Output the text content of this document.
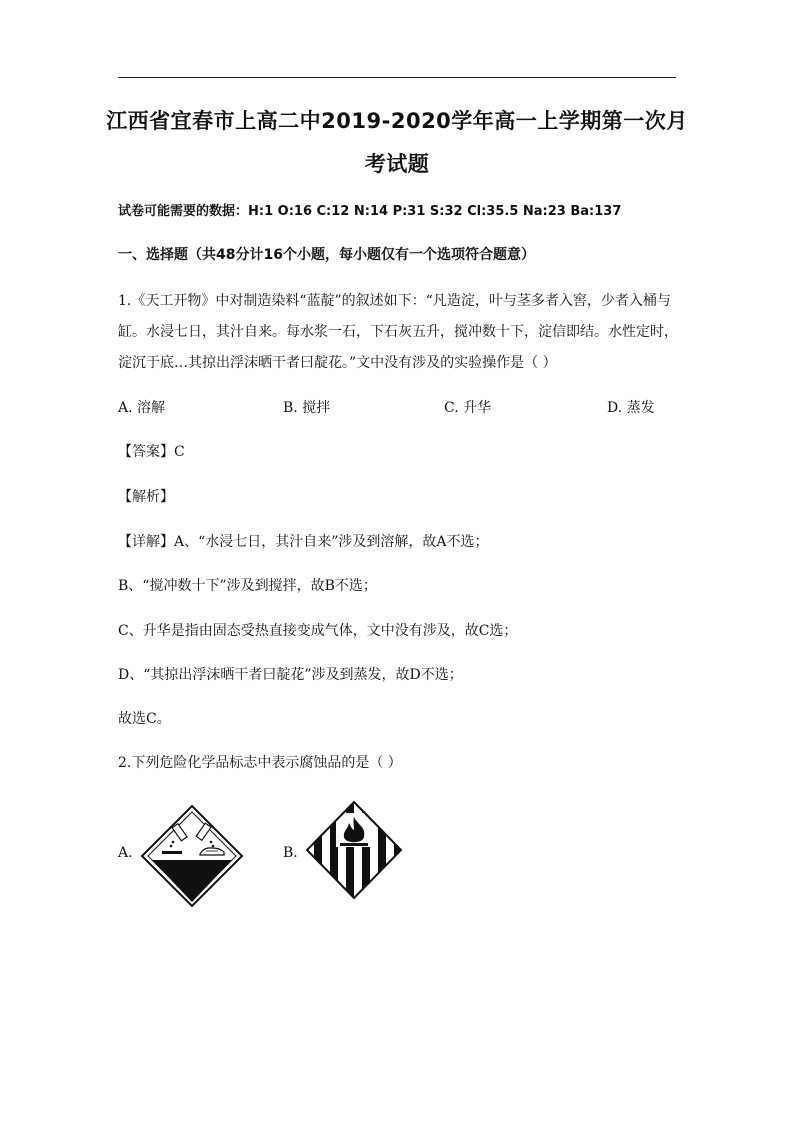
江西省宜春市上高二中2019-2020学年高一上学期第一次月
考试题
试卷可能需要的数据：H:1 O:16 C:12 N:14 P:31 S:32 Cl:35.5 Na:23 Ba:137
一、选择题（共48分计16个小题，每小题仅有一个选项符合题意）
1.《天工开物》中对制造染料“蓝靛”的叙述如下：“凡造淀，叶与茎多者入窖，少者入桶与
缸。水浸七日，其汁自来。每水浆一石，下石灰五升，搅冲数十下，淀信即结。水性定时，
淀沉于底…其掠出浮沫晒干者曰靛花。”文中没有涉及的实验操作是（ ）
A. 溶解	B. 搅拌	C. 升华	D. 蒸发
【答案】C
【解析】
【详解】A、“水浸七日，其汁自来”涉及到溶解，故A不选；
B、“搅冲数十下”涉及到搅拌，故B不选；
C、升华是指由固态受热直接变成气体，文中没有涉及，故C选；
D、“其掠出浮沫晒干者曰靛花”涉及到蒸发，故D不选；
故选C。
2.下列危险化学品标志中表示腐蚀品的是（ ）
A.	B.
